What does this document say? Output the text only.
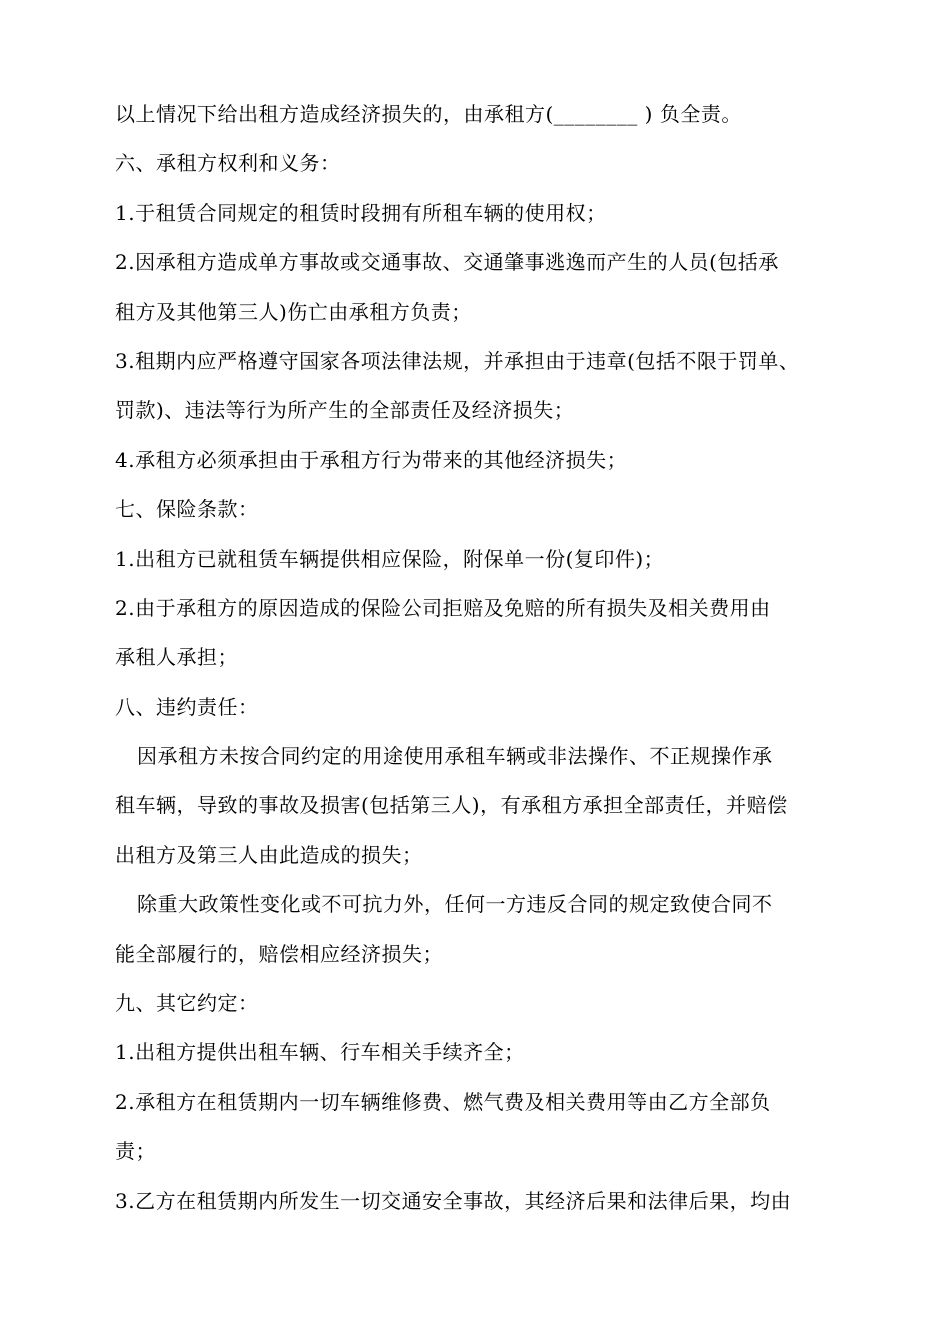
以上情况下给出租方造成经济损失的，由承租方(________ ) 负全责。
六、承租方权利和义务：
1.于租赁合同规定的租赁时段拥有所租车辆的使用权；
2.因承租方造成单方事故或交通事故、交通肇事逃逸而产生的人员(包括承
租方及其他第三人)伤亡由承租方负责；
3.租期内应严格遵守国家各项法律法规，并承担由于违章(包括不限于罚单、
罚款)、违法等行为所产生的全部责任及经济损失；
4.承租方必须承担由于承租方行为带来的其他经济损失；
七、保险条款：
1.出租方已就租赁车辆提供相应保险，附保单一份(复印件)；
2.由于承租方的原因造成的保险公司拒赔及免赔的所有损失及相关费用由
承租人承担；
八、违约责任：
因承租方未按合同约定的用途使用承租车辆或非法操作、不正规操作承
租车辆，导致的事故及损害(包括第三人)，有承租方承担全部责任，并赔偿
出租方及第三人由此造成的损失；
除重大政策性变化或不可抗力外，任何一方违反合同的规定致使合同不
能全部履行的，赔偿相应经济损失；
九、其它约定：
1.出租方提供出租车辆、行车相关手续齐全；
2.承租方在租赁期内一切车辆维修费、燃气费及相关费用等由乙方全部负
责；
3.乙方在租赁期内所发生一切交通安全事故，其经济后果和法律后果，均由
